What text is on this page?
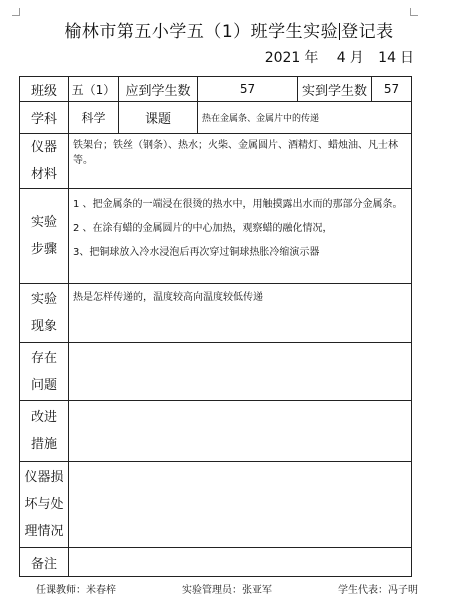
榆林市第五小学五（1）班学生实验 登记表
2021 年 4 月 14 日
班级	五（1）	应到学生数	57	实到学生数	57
学科	科学	课题	热在金属条、金属片中的传递		

仪器
材料	铁架台；铁丝（钢条）、热水；火柴、金属圆片、酒精灯、蜡烛油、凡士林等。				

实验
步骤	1 、把金属条的一端浸在很烫的热水中，用触摸露出水而的那部分金属条。
2 、在涂有蜡的金属圆片的中心加热，观察蜡的融化情况，
3、把铜球放入冷水浸泡后再次穿过铜球热胀冷缩演示器				

实验
现象	热是怎样传递的，温度较高向温度较低传递				

存在
问题					

改进
措施					

仪器损
坏与处
理情况					

备注					
任课教师：米春梓	实验管理员：张亚军	学生代表：冯子明
